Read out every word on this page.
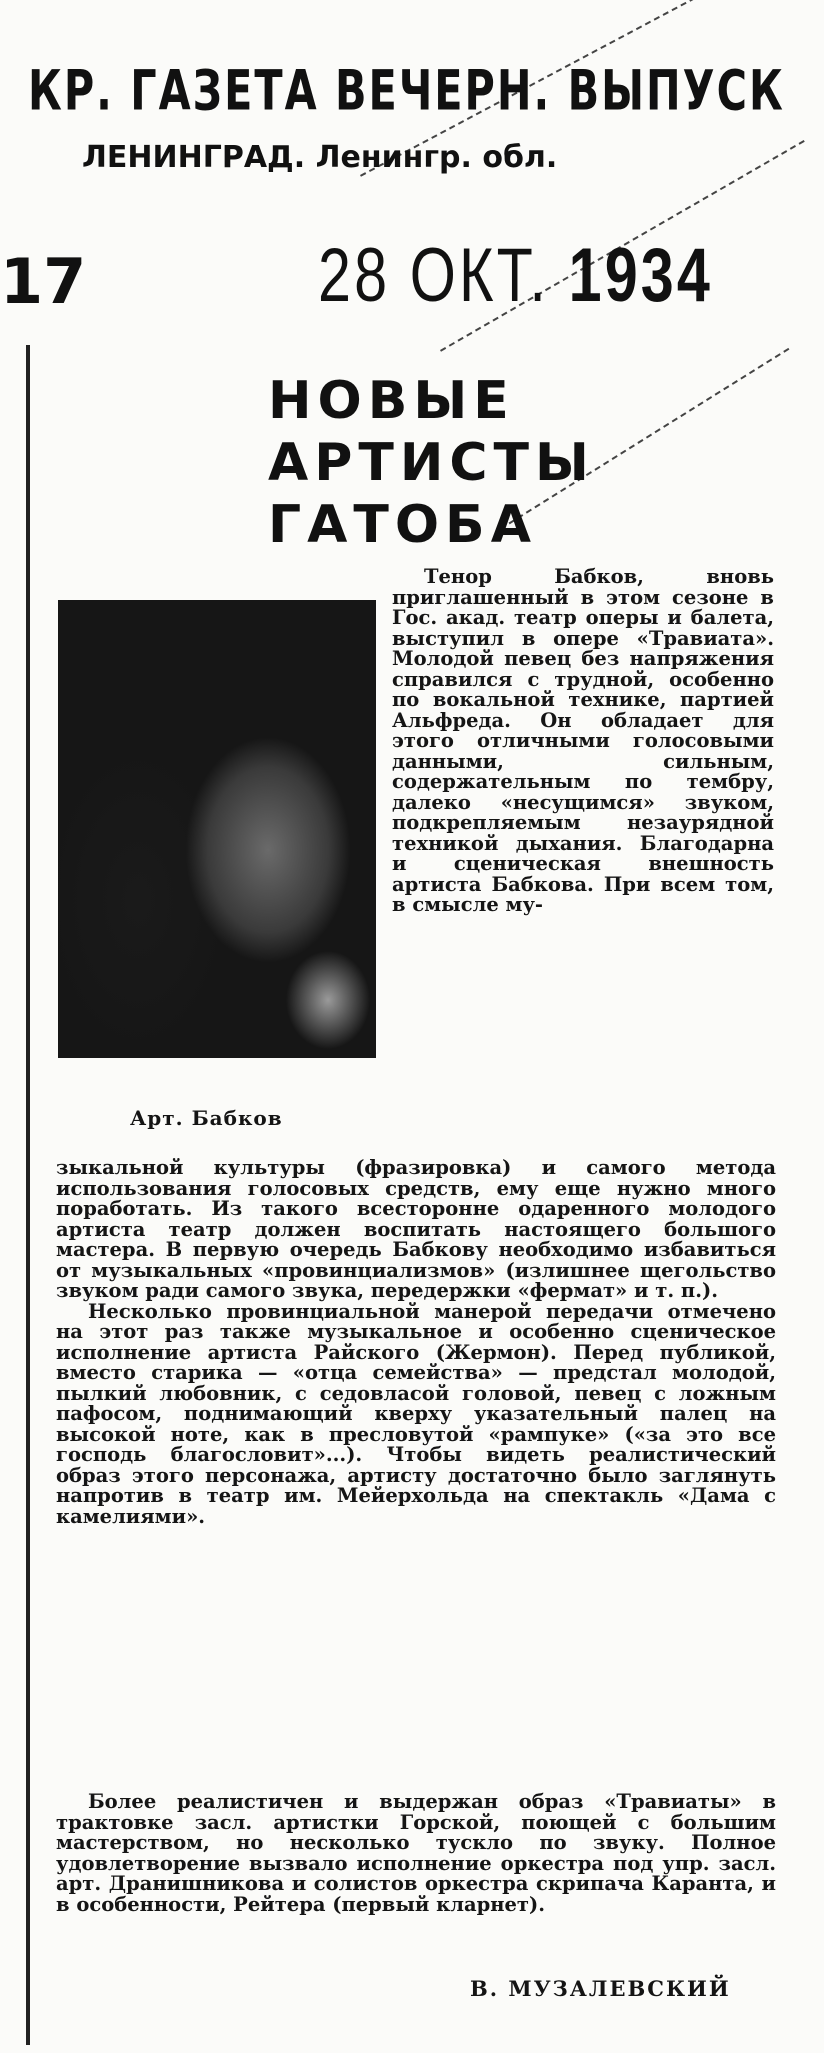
КР. ГАЗЕТА ВЕЧЕРН. ВЫПУСК
ЛЕНИНГРАД. Ленингр. обл.
17	28 ОКТ. 1934
НОВЫЕ
АРТИСТЫ
ГАТОБА
Тенор Бабков, вновь приглашенный в этом сезоне в Гос. акад. театр оперы и балета, выступил в опере «Травиата». Молодой певец без напряжения справился с трудной, особенно по вокальной технике, партией Альфреда. Он обладает для этого отличными голосовыми данными, сильным, содержательным по тембру, далеко «несущимся» звуком, подкрепляемым незаурядной техникой дыхания. Благодарна и сценическая внешность артиста Бабкова. При всем том, в смысле му-
Арт. Бабков
зыкальной культуры (фразировка) и самого метода использования голосовых средств, ему еще нужно много поработать. Из такого всесторонне одаренного молодого артиста театр должен воспитать настоящего большого мастера. В первую очередь Бабкову необходимо избавиться от музыкальных «провинциализмов» (излишнее щегольство звуком ради самого звука, передержки «фермат» и т. п.).
Несколько провинциальной манерой передачи отмечено на этот раз также музыкальное и особенно сценическое исполнение артиста Райского (Жермон). Перед публикой, вместо старика — «отца семейства» — предстал молодой, пылкий любовник, с седовласой головой, певец с ложным пафосом, поднимающий кверху указательный палец на высокой ноте, как в пресловутой «рампуке» («за это все господь благословит»...). Чтобы видеть реалистический образ этого персонажа, артисту достаточно было заглянуть напротив в театр им. Мейерхольда на спектакль «Дама с камелиями».
Более реалистичен и выдержан образ «Травиаты» в трактовке засл. артистки Горской, поющей с большим мастерством, но несколько тускло по звуку. Полное удовлетворение вызвало исполнение оркестра под упр. засл. арт. Дранишникова и солистов оркестра скрипача Каранта, и в особенности, Рейтера (первый кларнет).
В. МУЗАЛЕВСКИЙ
